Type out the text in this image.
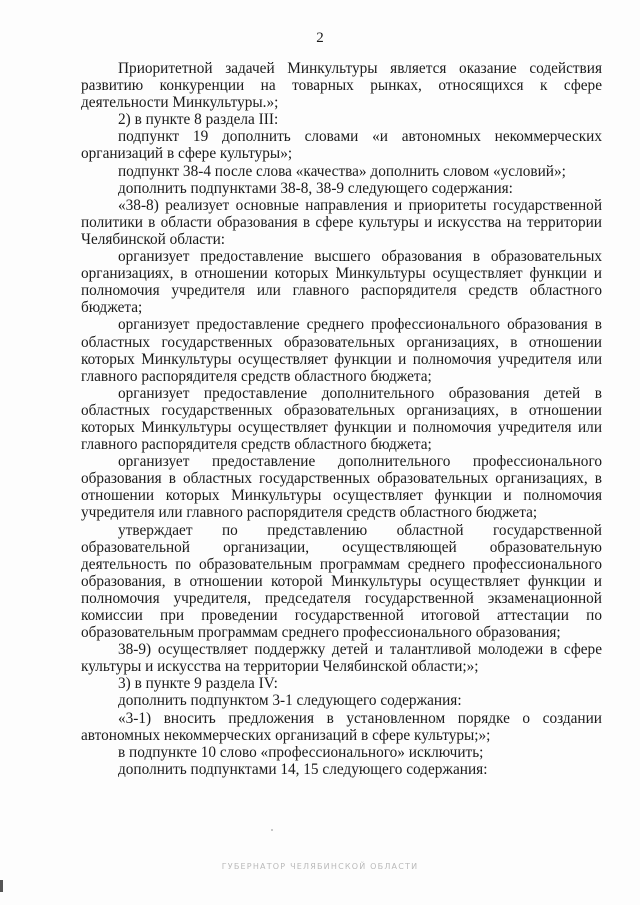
2

Приоритетной задачей Минкультуры является оказание содействия развитию конкуренции на товарных рынках, относящихся к сфере деятельности Минкультуры.»;

2) в пункте 8 раздела III:

подпункт 19 дополнить словами «и автономных некоммерческих организаций в сфере культуры»;

подпункт 38-4 после слова «качества» дополнить словом «условий»;

дополнить подпунктами 38-8, 38-9 следующего содержания:

«38-8) реализует основные направления и приоритеты государственной политики в области образования в сфере культуры и искусства на территории Челябинской области:

организует предоставление высшего образования в образовательных организациях, в отношении которых Минкультуры осуществляет функции и полномочия учредителя или главного распорядителя средств областного бюджета;

организует предоставление среднего профессионального образования в областных государственных образовательных организациях, в отношении которых Минкультуры осуществляет функции и полномочия учредителя или главного распорядителя средств областного бюджета;

организует предоставление дополнительного образования детей в областных государственных образовательных организациях, в отношении которых Минкультуры осуществляет функции и полномочия учредителя или главного распорядителя средств областного бюджета;

организует предоставление дополнительного профессионального образования в областных государственных образовательных организациях, в отношении которых Минкультуры осуществляет функции и полномочия учредителя или главного распорядителя средств областного бюджета;

утверждает по представлению областной государственной образовательной организации, осуществляющей образовательную деятельность по образовательным программам среднего профессионального образования, в отношении которой Минкультуры осуществляет функции и полномочия учредителя, председателя государственной экзаменационной комиссии при проведении государственной итоговой аттестации по образовательным программам среднего профессионального образования;

38-9) осуществляет поддержку детей и талантливой молодежи в сфере культуры и искусства на территории Челябинской области;»;

3) в пункте 9 раздела IV:

дополнить подпунктом 3-1 следующего содержания:

«3-1) вносить предложения в установленном порядке о создании автономных некоммерческих организаций в сфере культуры;»;

в подпункте 10 слово «профессионального» исключить;

дополнить подпунктами 14, 15 следующего содержания:

ГУБЕРНАТОР ЧЕЛЯБИНСКОЙ ОБЛАСТИ
